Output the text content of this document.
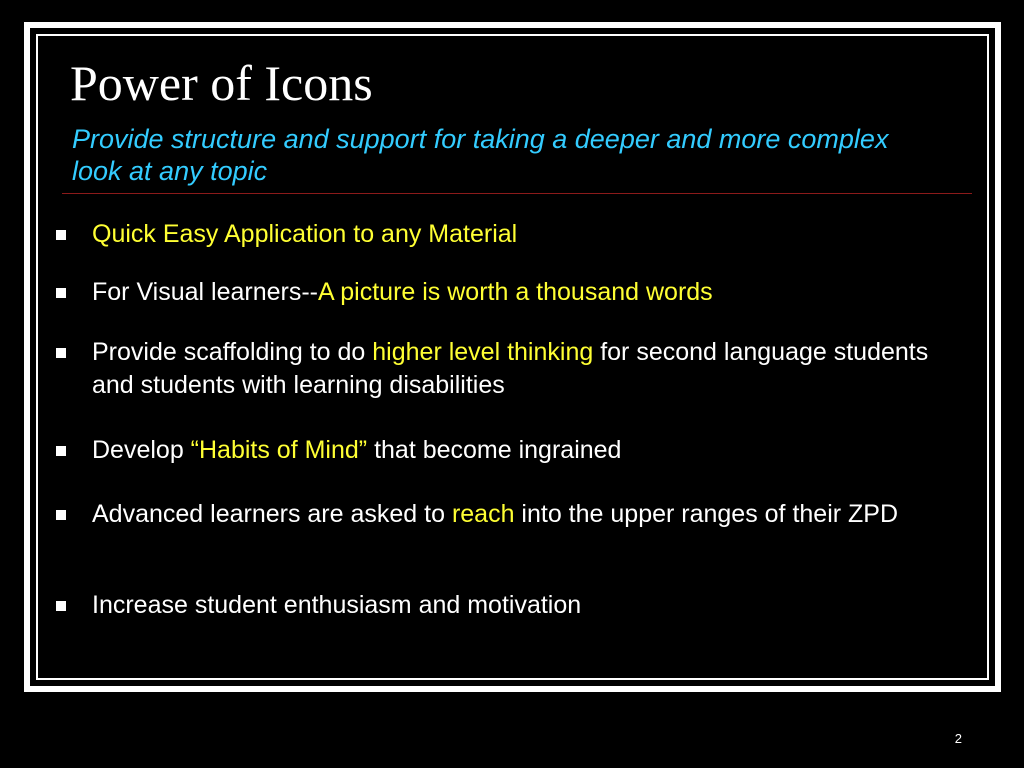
Power of Icons

Provide structure and support for taking a deeper and more complex look at any topic

Quick Easy Application to any Material
For Visual learners--A picture is worth a thousand words
Provide scaffolding to do higher level thinking for second language students and students with learning disabilities
Develop “Habits of Mind” that become ingrained
Advanced learners are asked to reach into the upper ranges of their ZPD
Increase student enthusiasm and motivation
2
